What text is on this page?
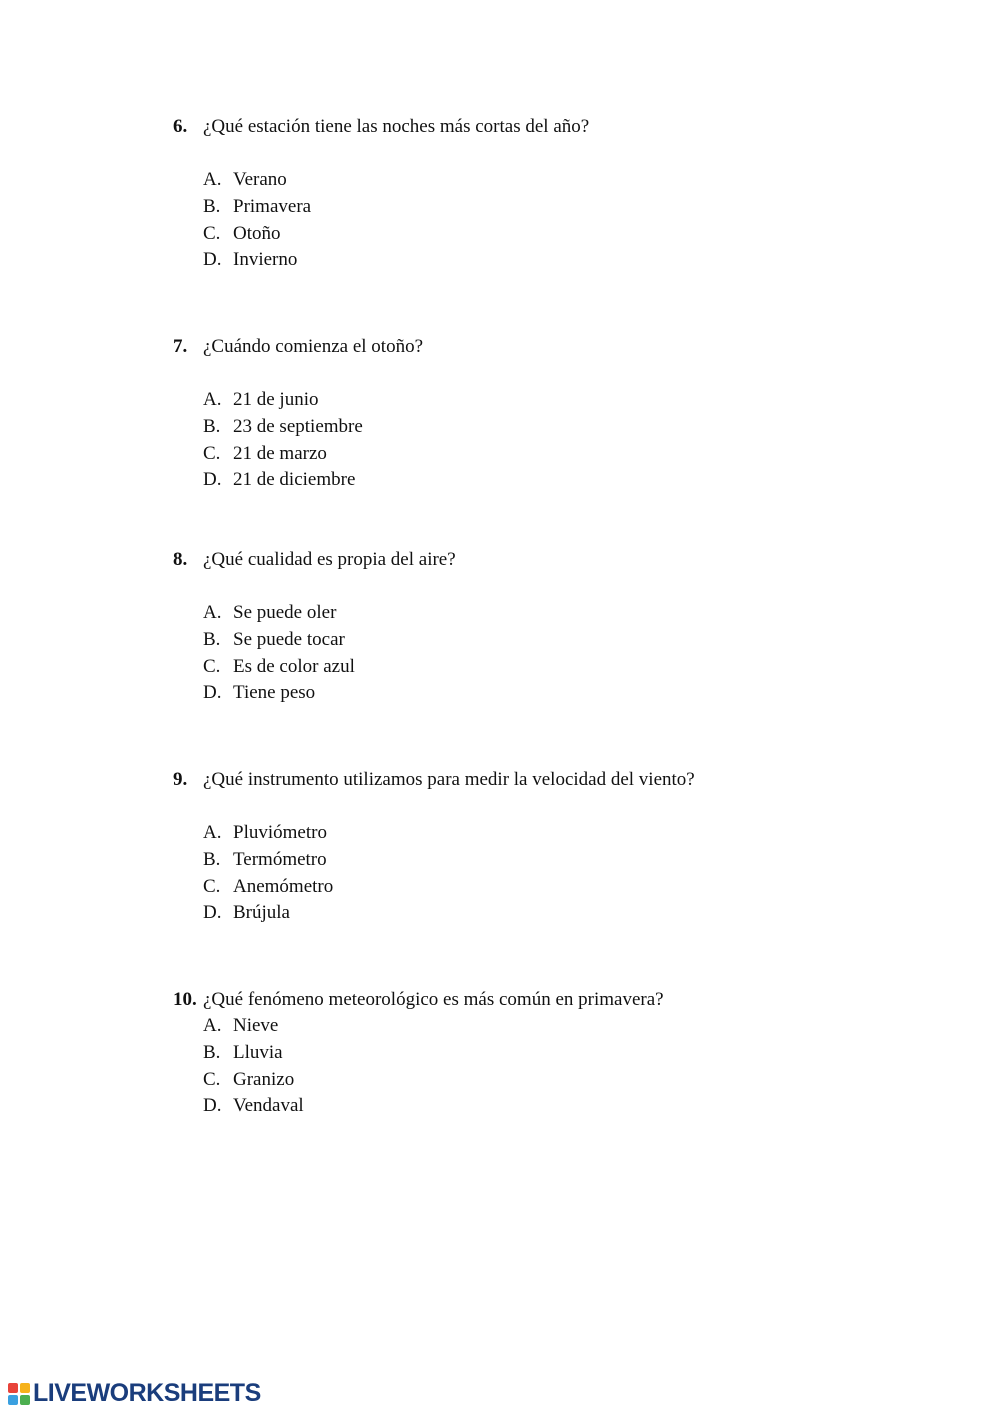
6. ¿Qué estación tiene las noches más cortas del año?
A. Verano
B. Primavera
C. Otoño
D. Invierno
7. ¿Cuándo comienza el otoño?
A. 21 de junio
B. 23 de septiembre
C. 21 de marzo
D. 21 de diciembre
8. ¿Qué cualidad es propia del aire?
A. Se puede oler
B. Se puede tocar
C. Es de color azul
D. Tiene peso
9. ¿Qué instrumento utilizamos para medir la velocidad del viento?
A. Pluviómetro
B. Termómetro
C. Anemómetro
D. Brújula
10. ¿Qué fenómeno meteorológico es más común en primavera?
A. Nieve
B. Lluvia
C. Granizo
D. Vendaval
LIVEWORKSHEETS
